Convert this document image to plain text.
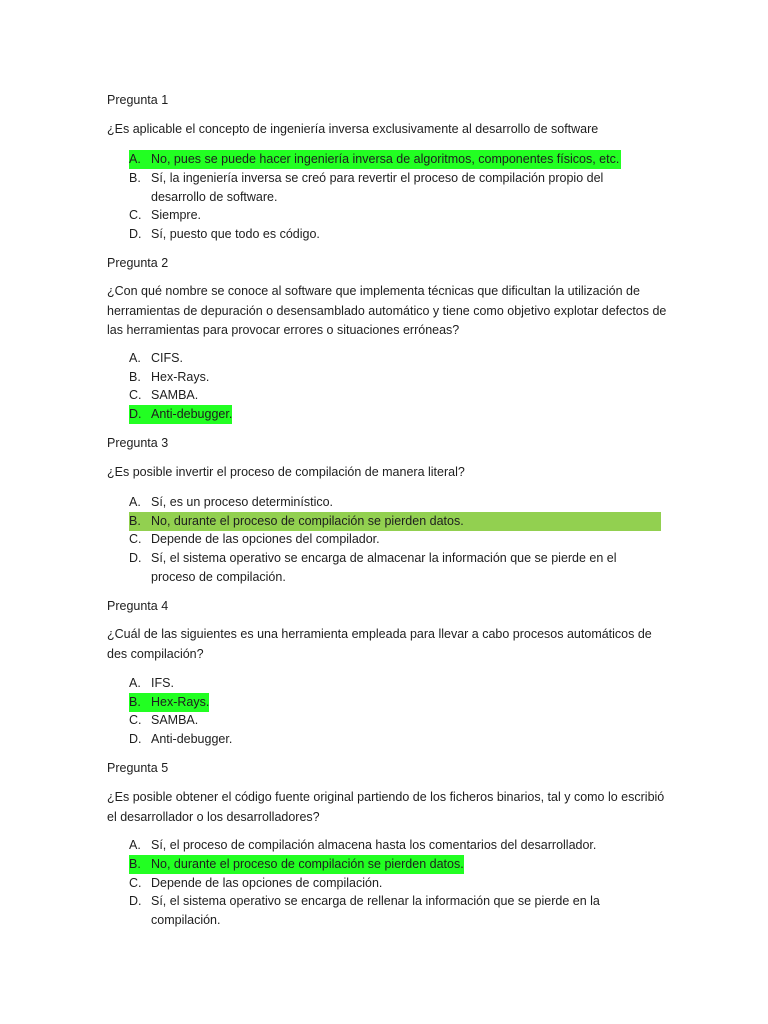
Pregunta 1
¿Es aplicable el concepto de ingeniería inversa exclusivamente al desarrollo de software
A. No, pues se puede hacer ingeniería inversa de algoritmos, componentes físicos, etc.
B. Sí, la ingeniería inversa se creó para revertir el proceso de compilación propio del desarrollo de software.
C. Siempre.
D. Sí, puesto que todo es código.
Pregunta 2
¿Con qué nombre se conoce al software que implementa técnicas que dificultan la utilización de herramientas de depuración o desensamblado automático y tiene como objetivo explotar defectos de las herramientas para provocar errores o situaciones erróneas?
A. CIFS.
B. Hex-Rays.
C. SAMBA.
D. Anti-debugger.
Pregunta 3
¿Es posible invertir el proceso de compilación de manera literal?
A. Sí, es un proceso determinístico.
B. No, durante el proceso de compilación se pierden datos.
C. Depende de las opciones del compilador.
D. Sí, el sistema operativo se encarga de almacenar la información que se pierde en el proceso de compilación.
Pregunta 4
¿Cuál de las siguientes es una herramienta empleada para llevar a cabo procesos automáticos de des compilación?
A. IFS.
B. Hex-Rays.
C. SAMBA.
D. Anti-debugger.
Pregunta 5
¿Es posible obtener el código fuente original partiendo de los ficheros binarios, tal y como lo escribió el desarrollador o los desarrolladores?
A. Sí, el proceso de compilación almacena hasta los comentarios del desarrollador.
B. No, durante el proceso de compilación se pierden datos.
C. Depende de las opciones de compilación.
D. Sí, el sistema operativo se encarga de rellenar la información que se pierde en la compilación.
